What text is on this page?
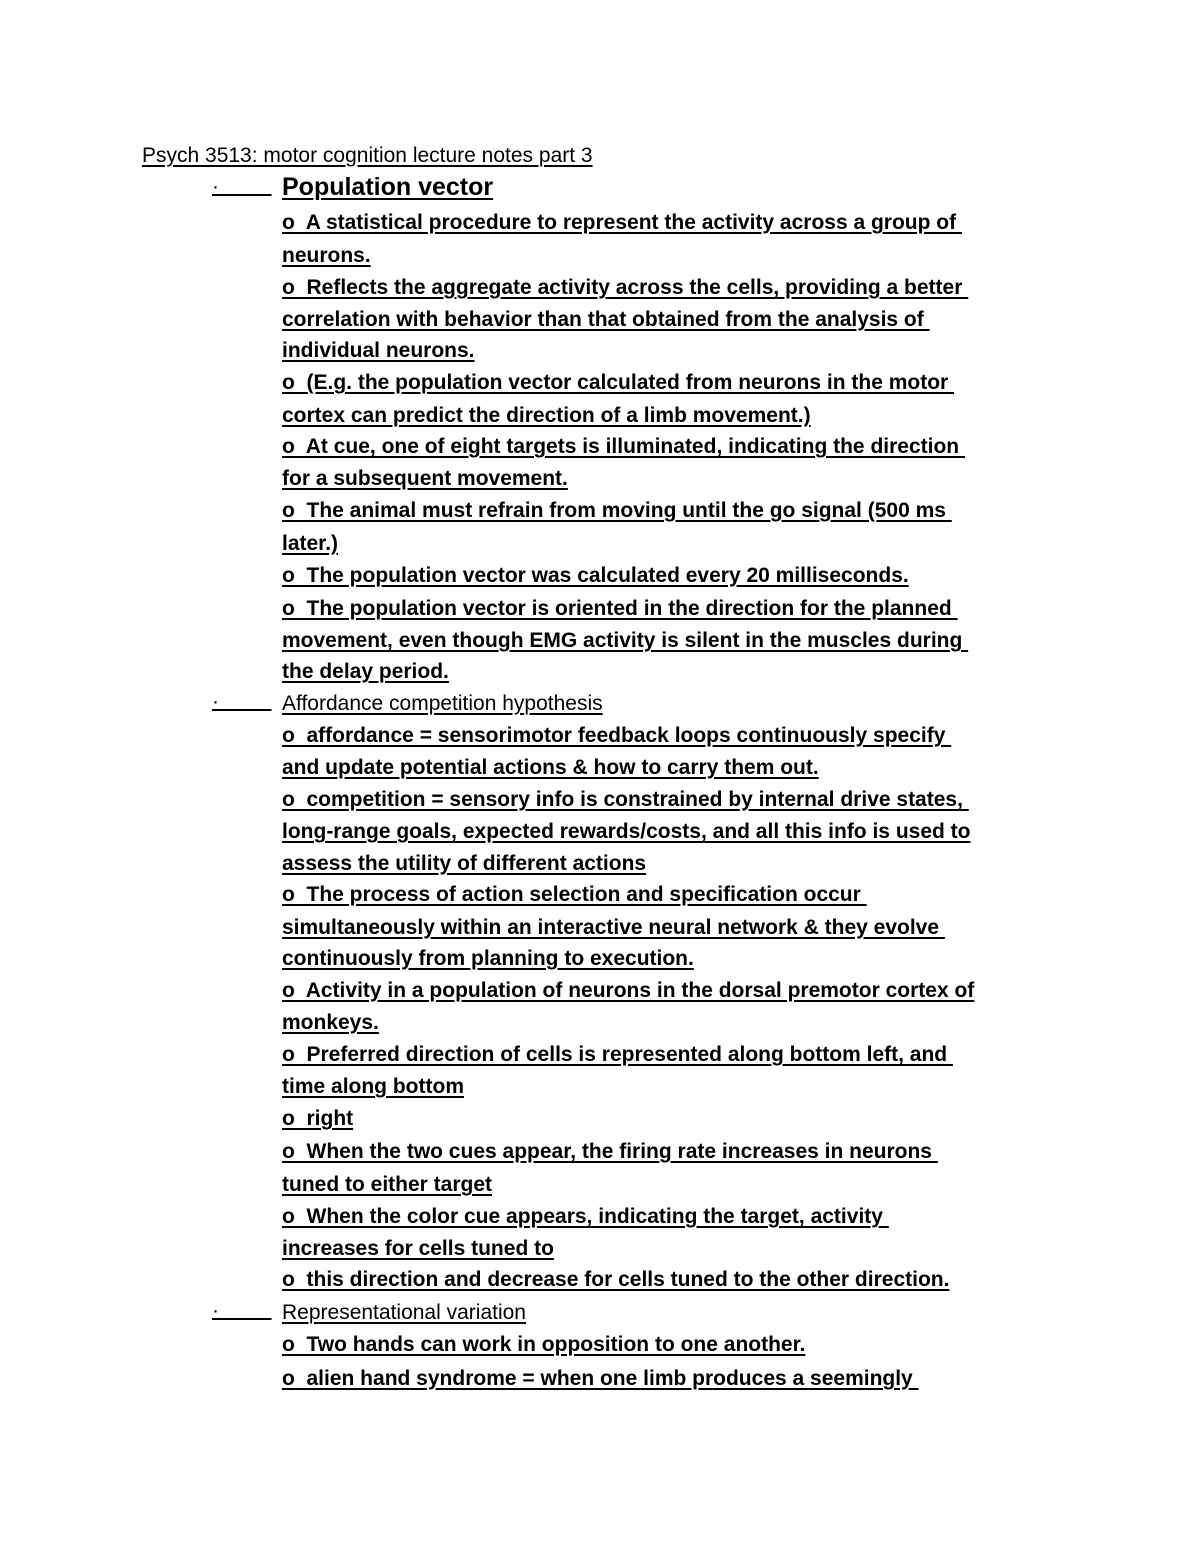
Psych 3513: motor cognition lecture notes part 3
·	Population vector
o  A statistical procedure to represent the activity across a group of
neurons.
o  Reflects the aggregate activity across the cells, providing a better
correlation with behavior than that obtained from the analysis of
individual neurons.
o  (E.g. the population vector calculated from neurons in the motor
cortex can predict the direction of a limb movement.)
o  At cue, one of eight targets is illuminated, indicating the direction
for a subsequent movement.
o  The animal must refrain from moving until the go signal (500 ms
later.)
o  The population vector was calculated every 20 milliseconds.
o  The population vector is oriented in the direction for the planned
movement, even though EMG activity is silent in the muscles during
the delay period.
·	Affordance competition hypothesis
o  affordance = sensorimotor feedback loops continuously specify
and update potential actions & how to carry them out.
o  competition = sensory info is constrained by internal drive states,
long-range goals, expected rewards/costs, and all this info is used to
assess the utility of different actions
o  The process of action selection and specification occur
simultaneously within an interactive neural network & they evolve
continuously from planning to execution.
o  Activity in a population of neurons in the dorsal premotor cortex of
monkeys.
o  Preferred direction of cells is represented along bottom left, and
time along bottom
o  right
o  When the two cues appear, the firing rate increases in neurons
tuned to either target
o  When the color cue appears, indicating the target, activity
increases for cells tuned to
o  this direction and decrease for cells tuned to the other direction.
·	Representational variation
o  Two hands can work in opposition to one another.
o  alien hand syndrome = when one limb produces a seemingly
